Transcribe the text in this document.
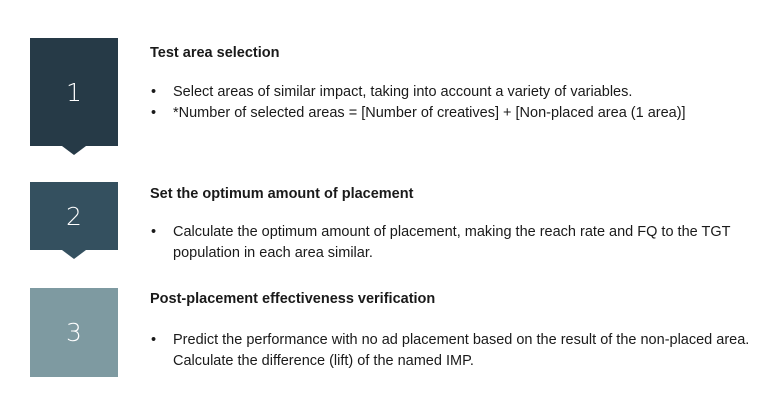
1
Test area selection
• Select areas of similar impact, taking into account a variety of variables.
• *Number of selected areas = [Number of creatives] + [Non-placed area (1 area)]
2
Set the optimum amount of placement
• Calculate the optimum amount of placement, making the reach rate and FQ to the TGT population in each area similar.
3
Post-placement effectiveness verification
• Predict the performance with no ad placement based on the result of the non-placed area. Calculate the difference (lift) of the named IMP.
